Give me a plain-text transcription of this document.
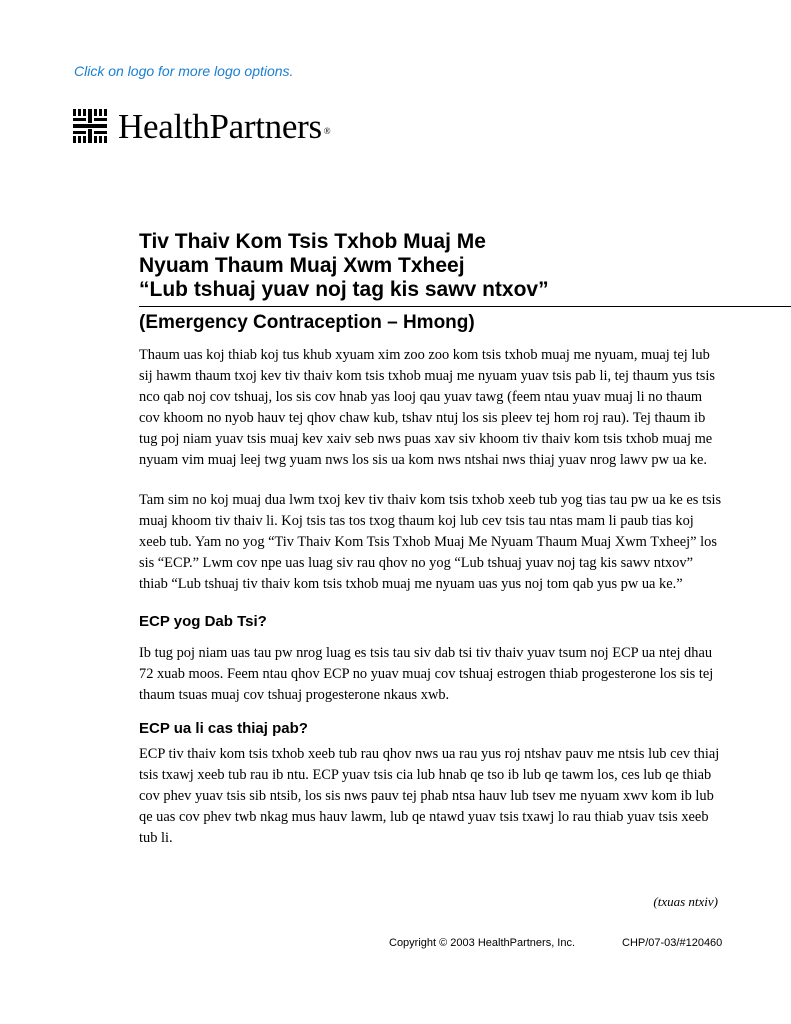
Click on logo for more logo options.
HealthPartners ®
Tiv Thaiv Kom Tsis Txhob Muaj Me
Nyuam Thaum Muaj Xwm Txheej
“Lub tshuaj yuav noj tag kis sawv ntxov”
(Emergency Contraception – Hmong)

Thaum uas koj thiab koj tus khub xyuam xim zoo zoo kom tsis txhob muaj me nyuam, muaj tej lub sij hawm thaum txoj kev tiv thaiv kom tsis txhob muaj me nyuam yuav tsis pab li, tej thaum yus tsis nco qab noj cov tshuaj, los sis cov hnab yas looj qau yuav tawg (feem ntau yuav muaj li no thaum cov khoom no nyob hauv tej qhov chaw kub, tshav ntuj los sis pleev tej hom roj rau). Tej thaum ib tug poj niam yuav tsis muaj kev xaiv seb nws puas xav siv khoom tiv thaiv kom tsis txhob muaj me nyuam vim muaj leej twg yuam nws los sis ua kom nws ntshai nws thiaj yuav nrog lawv pw ua ke.

Tam sim no koj muaj dua lwm txoj kev tiv thaiv kom tsis txhob xeeb tub yog tias tau pw ua ke es tsis muaj khoom tiv thaiv li. Koj tsis tas tos txog thaum koj lub cev tsis tau ntas mam li paub tias koj xeeb tub. Yam no yog “Tiv Thaiv Kom Tsis Txhob Muaj Me Nyuam Thaum Muaj Xwm Txheej” los sis “ECP.” Lwm cov npe uas luag siv rau qhov no yog “Lub tshuaj yuav noj tag kis sawv ntxov” thiab “Lub tshuaj tiv thaiv kom tsis txhob muaj me nyuam uas yus noj tom qab yus pw ua ke.”

ECP yog Dab Tsi?

Ib tug poj niam uas tau pw nrog luag es tsis tau siv dab tsi tiv thaiv yuav tsum noj ECP ua ntej dhau 72 xuab moos. Feem ntau qhov ECP no yuav muaj cov tshuaj estrogen thiab progesterone los sis tej thaum tsuas muaj cov tshuaj progesterone nkaus xwb.

ECP ua li cas thiaj pab?

ECP tiv thaiv kom tsis txhob xeeb tub rau qhov nws ua rau yus roj ntshav pauv me ntsis lub cev thiaj tsis txawj xeeb tub rau ib ntu. ECP yuav tsis cia lub hnab qe tso ib lub qe tawm los, ces lub qe thiab cov phev yuav tsis sib ntsib, los sis nws pauv tej phab ntsa hauv lub tsev me nyuam xwv kom ib lub qe uas cov phev twb nkag mus hauv lawm, lub qe ntawd yuav tsis txawj lo rau thiab yuav tsis xeeb tub li.

(txuas ntxiv)
Copyright © 2003 HealthPartners, Inc.	CHP/07-03/#120460
